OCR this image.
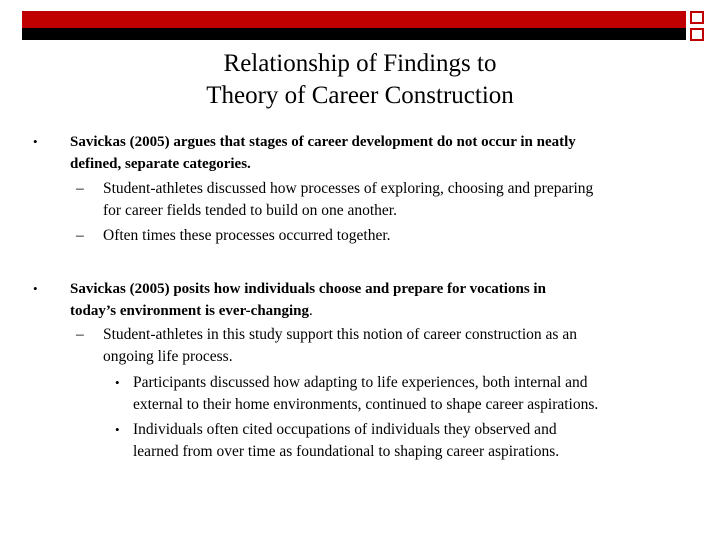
Relationship of Findings to
Theory of Career Construction
• Savickas (2005) argues that stages of career development do not occur in neatly
defined, separate categories.
– Student-athletes discussed how processes of exploring, choosing and preparing
for career fields tended to build on one another.
– Often times these processes occurred together.
• Savickas (2005) posits how individuals choose and prepare for vocations in
today’s environment is ever-changing.
– Student-athletes in this study support this notion of career construction as an
ongoing life process.
• Participants discussed how adapting to life experiences, both internal and
external to their home environments, continued to shape career aspirations.
• Individuals often cited occupations of individuals they observed and
learned from over time as foundational to shaping career aspirations.
